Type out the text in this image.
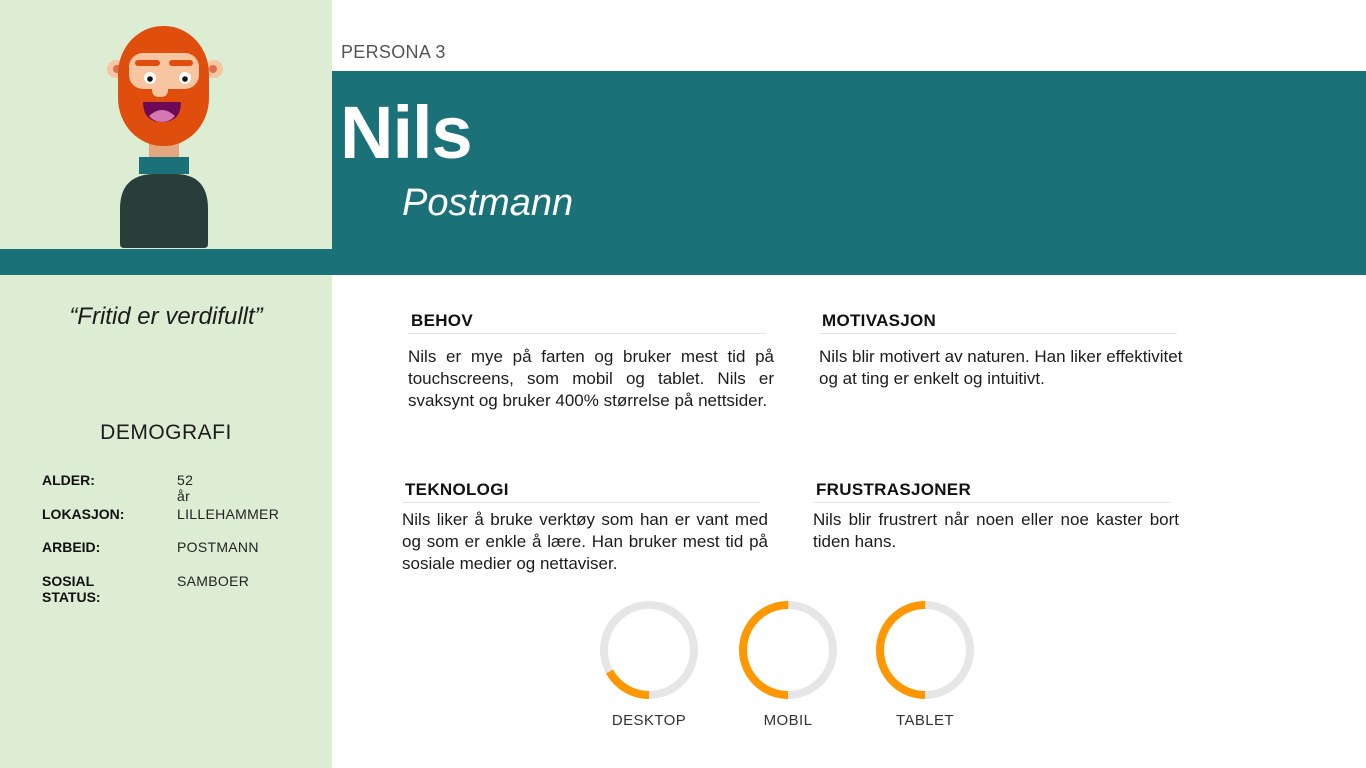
PERSONA 3
Nils
Postmann
“Fritid er verdifullt”
DEMOGRAFI
ALDER:	52 år
LOKASJON:	LILLEHAMMER
ARBEID:	POSTMANN
SOSIAL STATUS:
SAMBOER
BEHOV
Nils er mye på farten og bruker mest tid på touchscreens, som mobil og tablet. Nils er svaksynt og bruker 400% størrelse på nettsider.
MOTIVASJON
Nils blir motivert av naturen. Han liker effektivitet og at ting er enkelt og intuitivt.
TEKNOLOGI
Nils liker å bruke verktøy som han er vant med og som er enkle å lære. Han bruker mest tid på sosiale medier og nettaviser.
FRUSTRASJONER
Nils blir frustrert når noen eller noe kaster bort tiden hans.
DESKTOP	MOBIL	TABLET
